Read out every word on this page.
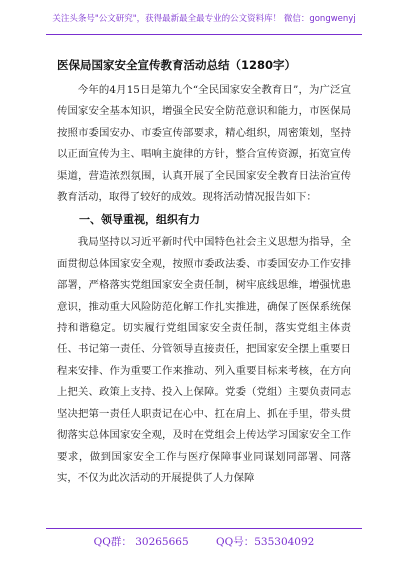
关注头条号"公文研究"，获得最新最全最专业的公文资料库！ 微信：gongwenyj
医保局国家安全宣传教育活动总结（1280字）

今年的4月15日是第九个“全民国家安全教育日”，为广泛宣传国家安全基本知识，增强全民安全防范意识和能力，市医保局按照市委国安办、市委宣传部要求，精心组织，周密策划，坚持以正面宣传为主、唱响主旋律的方针，整合宣传资源，拓宽宣传渠道，营造浓烈氛围，认真开展了全民国家安全教育日法治宣传教育活动，取得了较好的成效。现将活动情况报告如下：

一、领导重视，组织有力

我局坚持以习近平新时代中国特色社会主义思想为指导，全面贯彻总体国家安全观，按照市委政法委、市委国安办工作安排部署，严格落实党组国家安全责任制，树牢底线思维，增强忧患意识，推动重大风险防范化解工作扎实推进，确保了医保系统保持和谐稳定。切实履行党组国家安全责任制，落实党组主体责任、书记第一责任、分管领导直接责任，把国家安全摆上重要日程来安排、作为重要工作来推动、列入重要目标来考核，在方向上把关、政策上支持、投入上保障。党委（党组）主要负责同志坚决把第一责任人职责记在心中、扛在肩上、抓在手里，带头贯彻落实总体国家安全观，及时在党组会上传达学习国家安全工作要求，做到国家安全工作与医疗保障事业同谋划同部署、同落实，不仅为此次活动的开展提供了人力保障

QQ群： 30265665	QQ号：535304092
